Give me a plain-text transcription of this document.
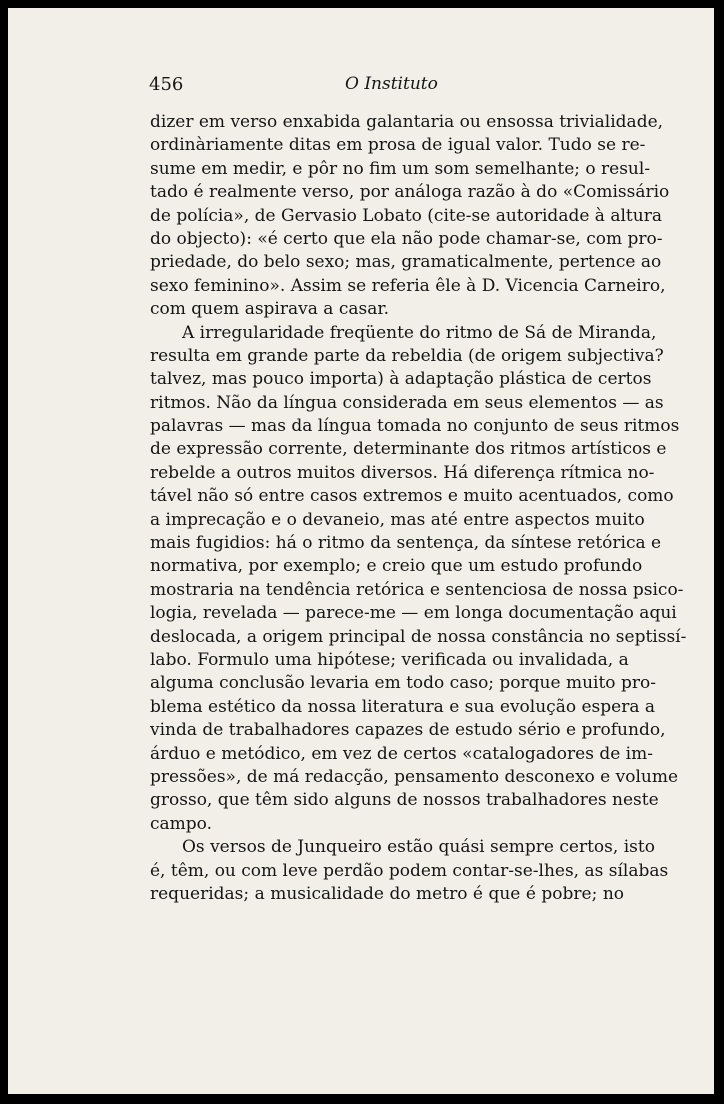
456	O Instituto
dizer em verso enxabida galantaria ou ensossa trivialidade,
ordinàriamente ditas em prosa de igual valor. Tudo se re-
sume em medir, e pôr no fim um som semelhante; o resul-
tado é realmente verso, por análoga razão à do «Comissário
de polícia», de Gervasio Lobato (cite-se autoridade à altura
do objecto): «é certo que ela não pode chamar-se, com pro-
priedade, do belo sexo; mas, gramaticalmente, pertence ao
sexo feminino». Assim se referia êle à D. Vicencia Carneiro,
com quem aspirava a casar.
A irregularidade freqüente do ritmo de Sá de Miranda,
resulta em grande parte da rebeldia (de origem subjectiva?
talvez, mas pouco importa) à adaptação plástica de certos
ritmos. Não da língua considerada em seus elementos — as
palavras — mas da língua tomada no conjunto de seus ritmos
de expressão corrente, determinante dos ritmos artísticos e
rebelde a outros muitos diversos. Há diferença rítmica no-
tável não só entre casos extremos e muito acentuados, como
a imprecação e o devaneio, mas até entre aspectos muito
mais fugidios: há o ritmo da sentença, da síntese retórica e
normativa, por exemplo; e creio que um estudo profundo
mostraria na tendência retórica e sentenciosa de nossa psico-
logia, revelada — parece-me — em longa documentação aqui
deslocada, a origem principal de nossa constância no septissí-
labo. Formulo uma hipótese; verificada ou invalidada, a
alguma conclusão levaria em todo caso; porque muito pro-
blema estético da nossa literatura e sua evolução espera a
vinda de trabalhadores capazes de estudo sério e profundo,
árduo e metódico, em vez de certos «catalogadores de im-
pressões», de má redacção, pensamento desconexo e volume
grosso, que têm sido alguns de nossos trabalhadores neste
campo.
Os versos de Junqueiro estão quási sempre certos, isto
é, têm, ou com leve perdão podem contar-se-lhes, as sílabas
requeridas; a musicalidade do metro é que é pobre; no
